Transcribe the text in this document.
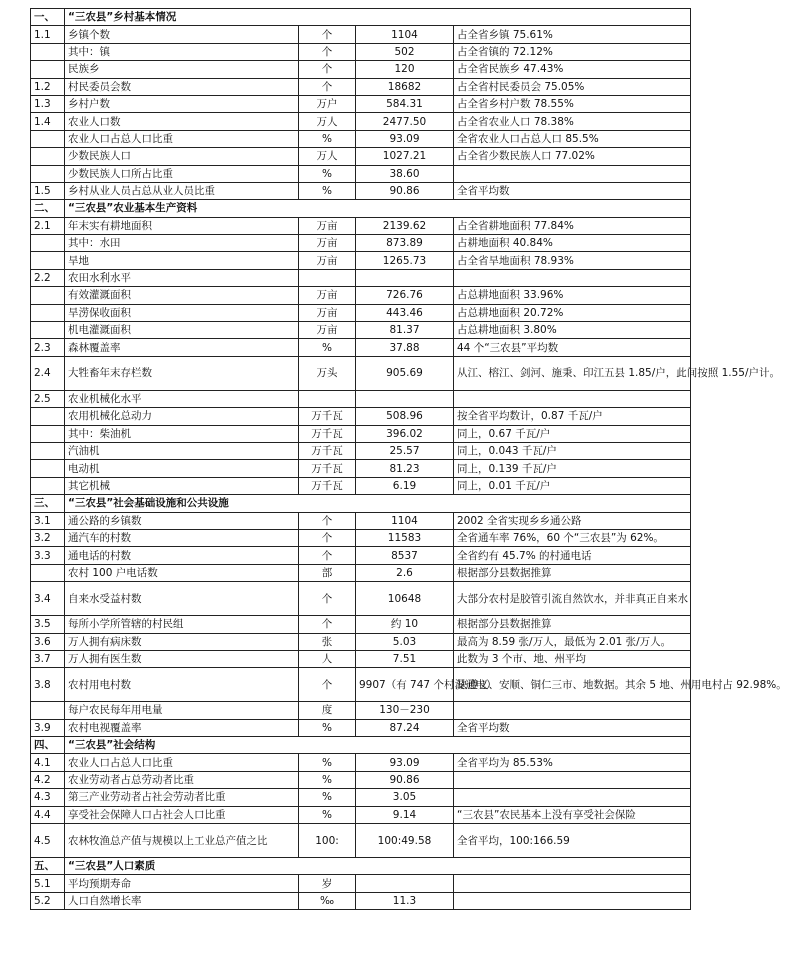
一、	“三农县”乡村基本情况			
1.1	乡镇个数	个	1104	占全省乡镇 75.61%
	其中：镇	个	502	占全省镇的 72.12%
	民族乡	个	120	占全省民族乡 47.43%
1.2	村民委员会数	个	18682	占全省村民委员会 75.05%
1.3	乡村户数	万户	584.31	占全省乡村户数 78.55%
1.4	农业人口数	万人	2477.50	占全省农业人口 78.38%
	农业人口占总人口比重	%	93.09	全省农业人口占总人口 85.5%
	少数民族人口	万人	1027.21	占全省少数民族人口 77.02%
	少数民族人口所占比重	%	38.60	
1.5	乡村从业人员占总从业人员比重	%	90.86	全省平均数
二、	“三农县”农业基本生产资料			
2.1	年末实有耕地面积	万亩	2139.62	占全省耕地面积 77.84%
	其中：水田	万亩	873.89	占耕地面积 40.84%
	旱地	万亩	1265.73	占全省旱地面积 78.93%
2.2	农田水利水平			
	有效灌溉面积	万亩	726.76	占总耕地面积 33.96%
	旱涝保收面积	万亩	443.46	占总耕地面积 20.72%
	机电灌溉面积	万亩	81.37	占总耕地面积 3.80%
2.3	森林覆盖率	%	37.88	44 个“三农县”平均数
2.4	大牲畜年末存栏数	万头	905.69	从江、榕江、剑河、施秉、印江五县 1.85/户，此间按照 1.55/户计。
2.5	农业机械化水平			
	农用机械化总动力	万千瓦	508.96	按全省平均数计，0.87 千瓦/户
	其中：柴油机	万千瓦	396.02	同上，0.67 千瓦/户
	汽油机	万千瓦	25.57	同上，0.043 千瓦/户
	电动机	万千瓦	81.23	同上，0.139 千瓦/户
	其它机械	万千瓦	6.19	同上，0.01 千瓦/户
三、	“三农县”社会基础设施和公共设施			
3.1	通公路的乡镇数	个	1104	2002 全省实现乡乡通公路
3.2	通汽车的村数	个	11583	全省通车率 76%，60 个“三农县”为 62%。
3.3	通电话的村数	个	8537	全省约有 45.7% 的村通电话
	农村 100 户电话数	部	2.6	根据部分县数据推算
3.4	自来水受益村数	个	10648	大部分农村是胶管引流自然饮水，并非真正自来水
3.5	每所小学所管辖的村民组	个	约 10	根据部分县数据推算
3.6	万人拥有病床数	张	5.03	最高为 8.59 张/万人，最低为 2.01 张/万人。
3.7	万人拥有医生数	人	7.51	此数为 3 个市、地、州平均
3.8	农村用电村数	个	9907（有 747 个村没通电）	缺遵义、安顺、铜仁三市、地数据。其余 5 地、州用电村占 92.98%。
	每户农民每年用电量	度	130－230	
3.9	农村电视覆盖率	%	87.24	全省平均数
四、	“三农县”社会结构			
4.1	农业人口占总人口比重	%	93.09	全省平均为 85.53%
4.2	农业劳动者占总劳动者比重	%	90.86	
4.3	第三产业劳动者占社会劳动者比重	%	3.05	
4.4	享受社会保障人口占社会人口比重	%	9.14	“三农县”农民基本上没有享受社会保险
4.5	农林牧渔总产值与规模以上工业总产值之比	100:	100:49.58	全省平均，100:166.59
五、	“三农县”人口素质			
5.1	平均预期寿命	岁		
5.2	人口自然增长率	‰	11.3	
